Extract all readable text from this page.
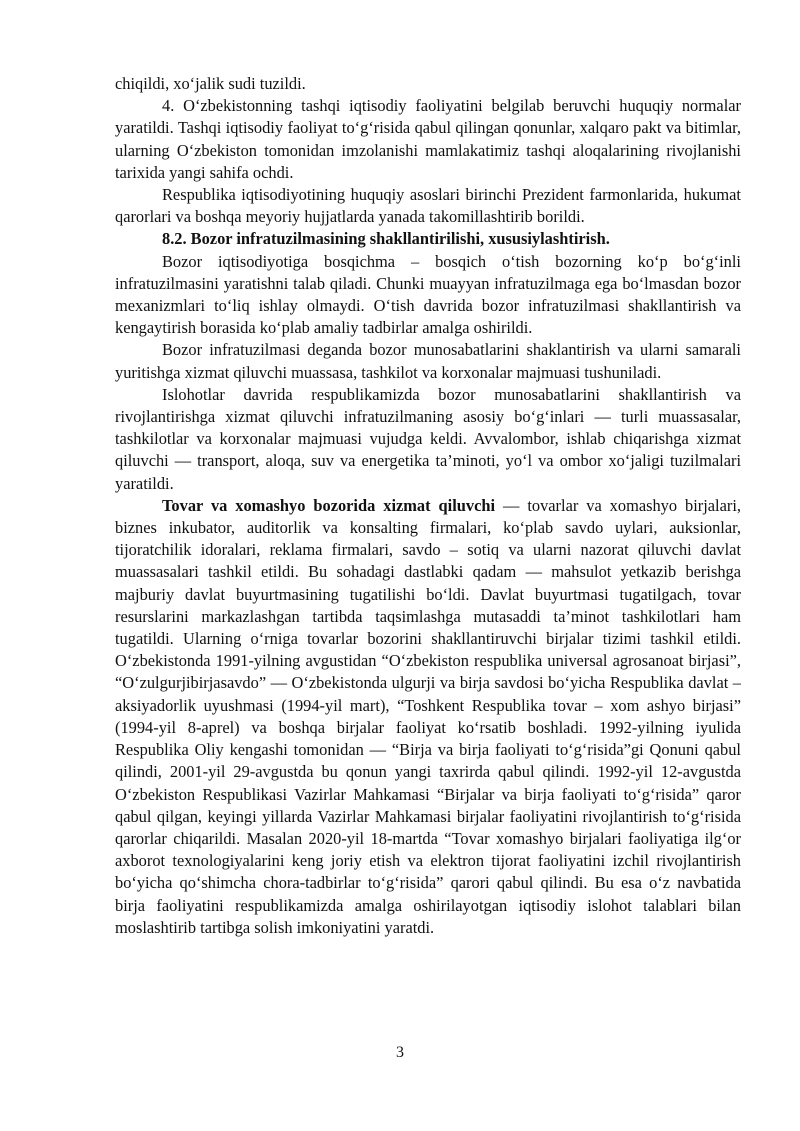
chiqildi, xo‘jalik sudi tuzildi.

4. O‘zbekistonning tashqi iqtisodiy faoliyatini belgilab beruvchi huquqiy normalar yaratildi. Tashqi iqtisodiy faoliyat to‘g‘risida qabul qilingan qonunlar, xalqaro pakt va bitimlar, ularning O‘zbekiston tomonidan imzolanishi mamlakatimiz tashqi aloqalarining rivojlanishi tarixida yangi sahifa ochdi.

Respublika iqtisodiyotining huquqiy asoslari birinchi Prezident farmonlarida, hukumat qarorlari va boshqa meyoriy hujjatlarda yanada takomillashtirib borildi.

8.2. Bozor infratuzilmasining shakllantirilishi, xususiylashtirish.

Bozor iqtisodiyotiga bosqichma – bosqich o‘tish bozorning ko‘p bo‘g‘inli infratuzilmasini yaratishni talab qiladi. Chunki muayyan infratuzilmaga ega bo‘lmasdan bozor mexanizmlari to‘liq ishlay olmaydi. O‘tish davrida bozor infratuzilmasi shakllantirish va kengaytirish borasida ko‘plab amaliy tadbirlar amalga oshirildi.

Bozor infratuzilmasi deganda bozor munosabatlarini shaklantirish va ularni samarali yuritishga xizmat qiluvchi muassasa, tashkilot va korxonalar majmuasi tushuniladi.

Islohotlar davrida respublikamizda bozor munosabatlarini shakllantirish va rivojlantirishga xizmat qiluvchi infratuzilmaning asosiy bo‘g‘inlari — turli muassasalar, tashkilotlar va korxonalar majmuasi vujudga keldi. Avvalombor, ishlab chiqarishga xizmat qiluvchi — transport, aloqa, suv va energetika ta’minoti, yo‘l va ombor xo‘jaligi tuzilmalari yaratildi.

Tovar va xomashyo bozorida xizmat qiluvchi — tovarlar va xomashyo birjalari, biznes inkubator, auditorlik va konsalting firmalari, ko‘plab savdo uylari, auksionlar, tijoratchilik idoralari, reklama firmalari, savdo – sotiq va ularni nazorat qiluvchi davlat muassasalari tashkil etildi. Bu sohadagi dastlabki qadam — mahsulot yetkazib berishga majburiy davlat buyurtmasining tugatilishi bo‘ldi. Davlat buyurtmasi tugatilgach, tovar resurslarini markazlashgan tartibda taqsimlashga mutasaddi ta’minot tashkilotlari ham tugatildi. Ularning o‘rniga tovarlar bozorini shakllantiruvchi birjalar tizimi tashkil etildi. O‘zbekistonda 1991-yilning avgustidan “O‘zbekiston respublika universal agrosanoat birjasi”, “O‘zulgurjibirjasavdo” — O‘zbekistonda ulgurji va birja savdosi bo‘yicha Respublika davlat – aksiyadorlik uyushmasi (1994-yil mart), “Toshkent Respublika tovar – xom ashyo birjasi” (1994-yil 8-aprel) va boshqa birjalar faoliyat ko‘rsatib boshladi. 1992-yilning iyulida Respublika Oliy kengashi tomonidan — “Birja va birja faoliyati to‘g‘risida”gi Qonuni qabul qilindi, 2001-yil 29-avgustda bu qonun yangi taxrirda qabul qilindi. 1992-yil 12-avgustda O‘zbekiston Respublikasi Vazirlar Mahkamasi “Birjalar va birja faoliyati to‘g‘risida” qaror qabul qilgan, keyingi yillarda Vazirlar Mahkamasi birjalar faoliyatini rivojlantirish to‘g‘risida qarorlar chiqarildi. Masalan 2020-yil 18-martda “Tovar xomashyo birjalari faoliyatiga ilg‘or axborot texnologiyalarini keng joriy etish va elektron tijorat faoliyatini izchil rivojlantirish bo‘yicha qo‘shimcha chora-tadbirlar to‘g‘risida” qarori qabul qilindi. Bu esa o‘z navbatida birja faoliyatini respublikamizda amalga oshirilayotgan iqtisodiy islohot talablari bilan moslashtirib tartibga solish imkoniyatini yaratdi.

3
